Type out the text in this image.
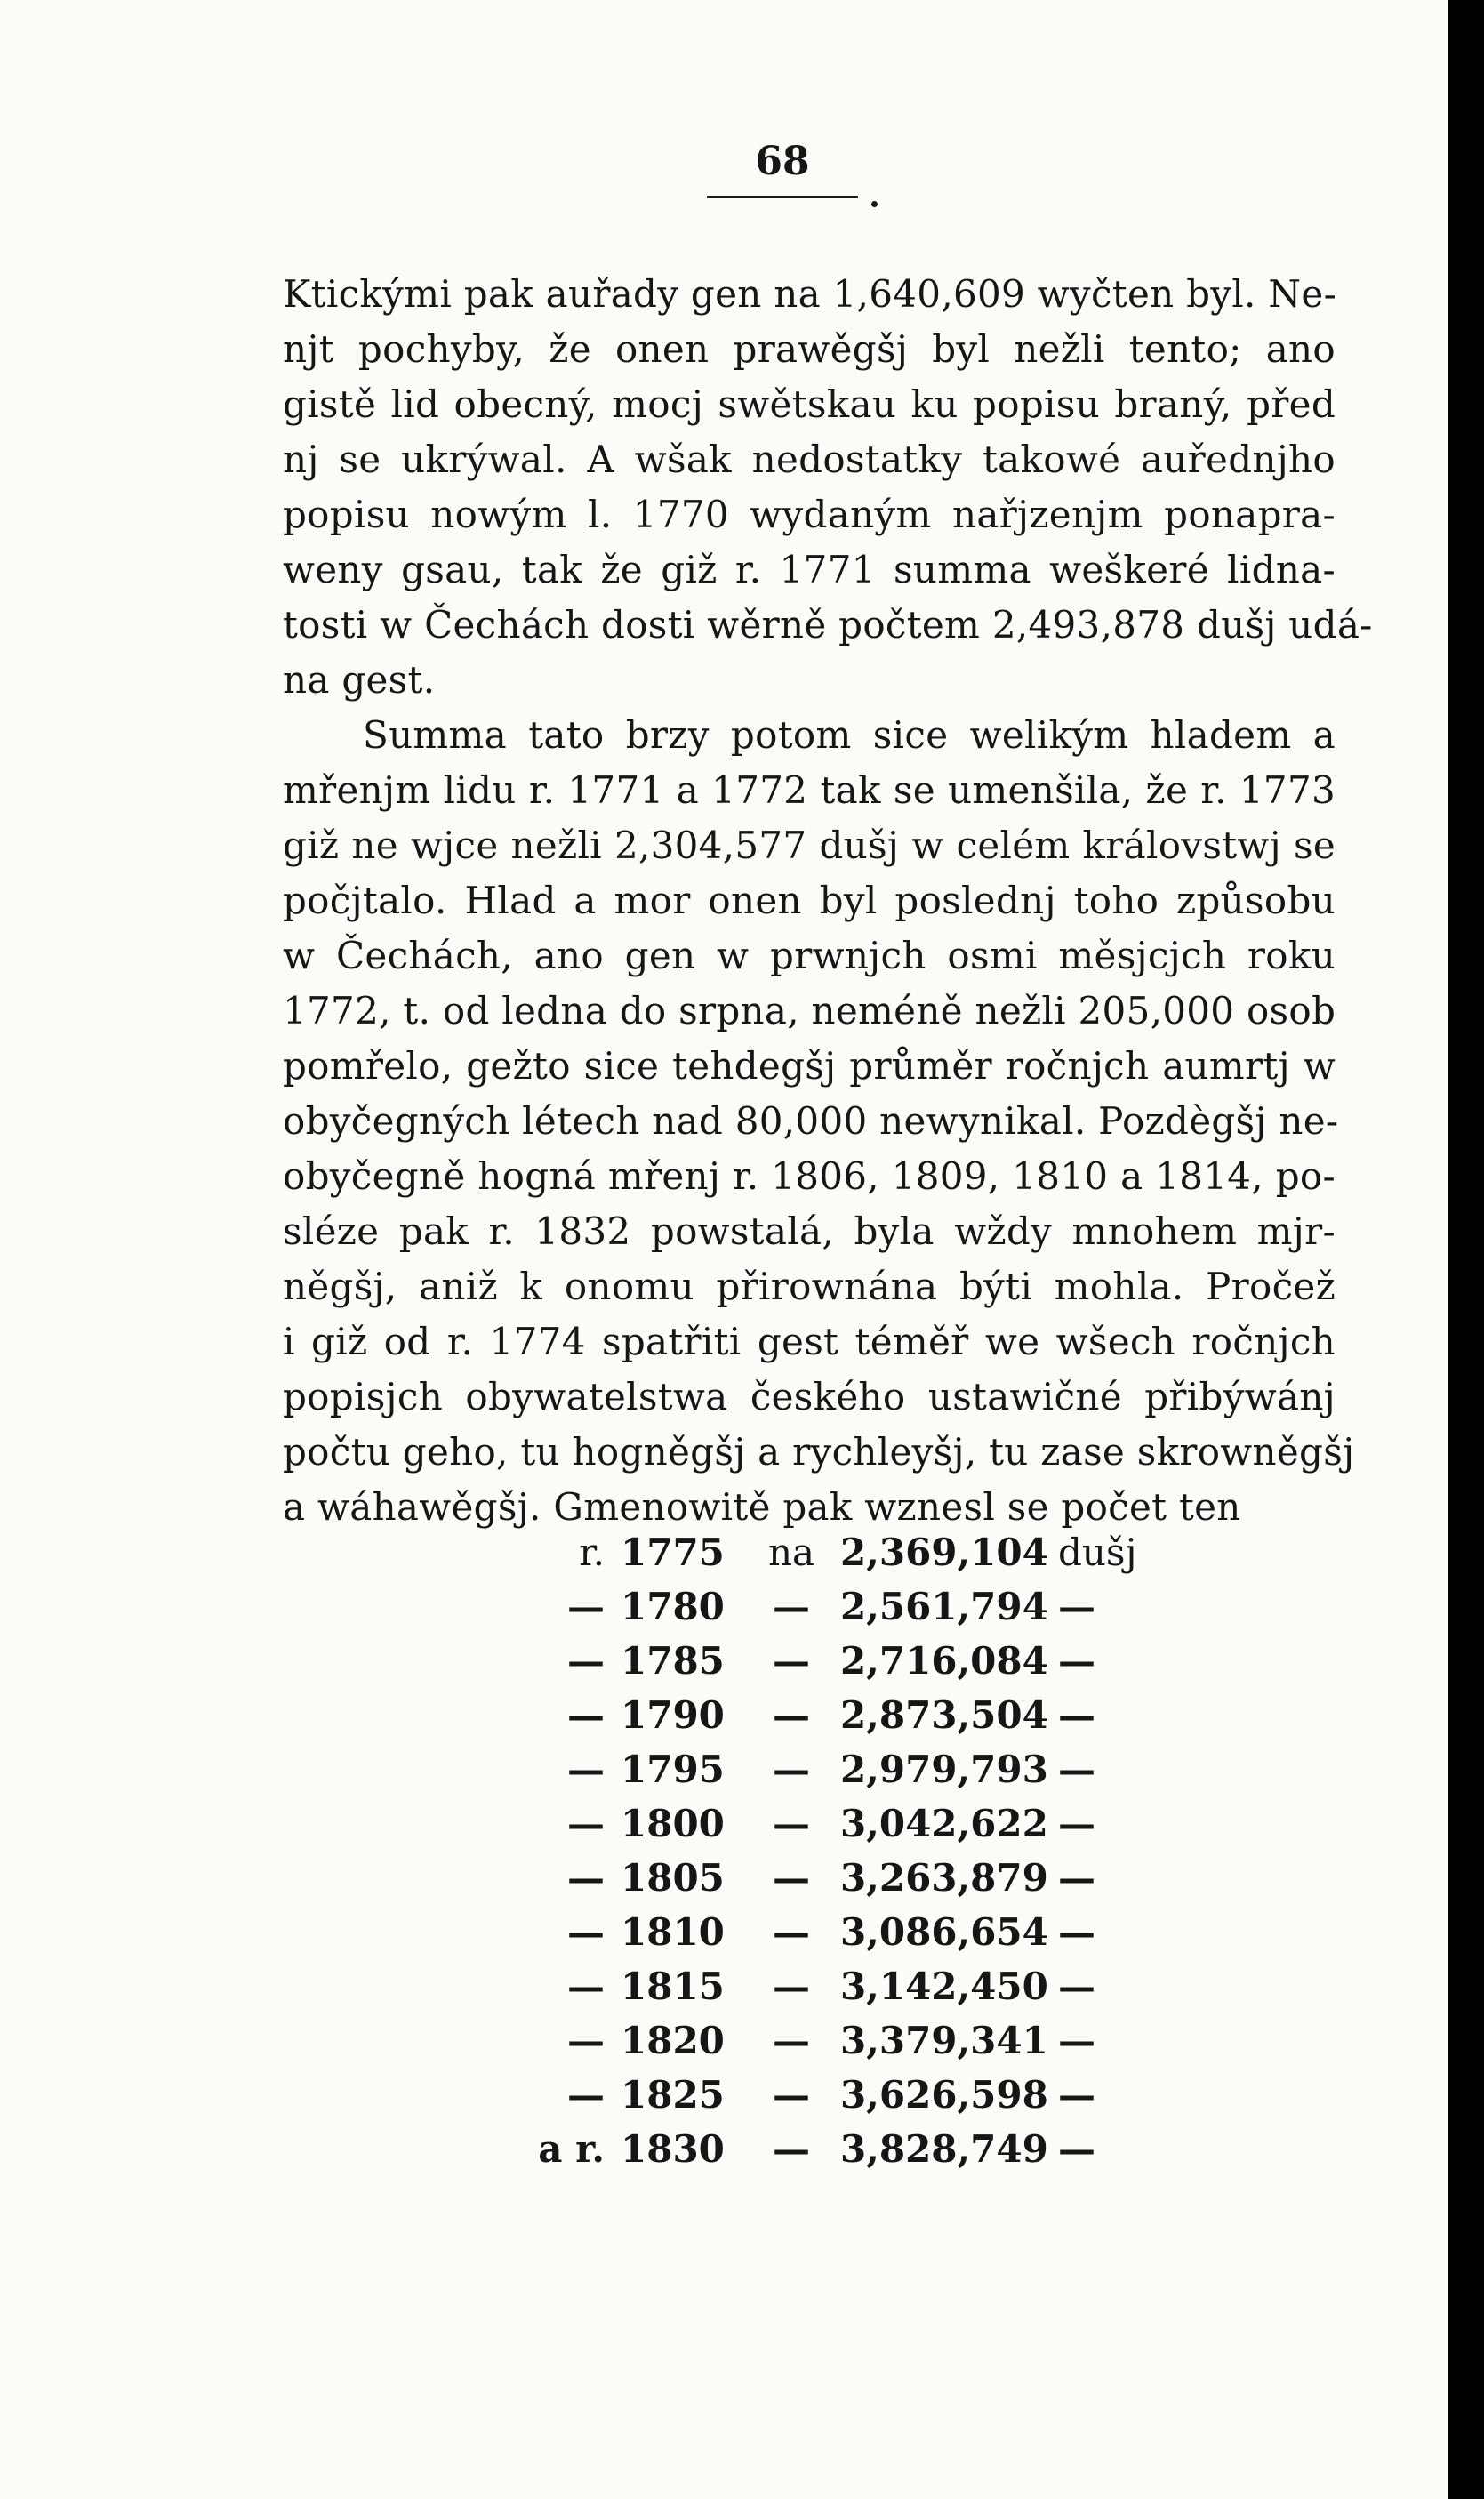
68
Ktickými pak auřady gen na 1,640,609 wyčten byl. Ne-
njt pochyby, že onen prawěgšj byl nežli tento; ano
gistě lid obecný, mocj swětskau ku popisu braný, před
nj se ukrýwal. A wšak nedostatky takowé auřednjho
popisu nowým l. 1770 wydaným nařjzenjm ponapra-
weny gsau, tak že giž r. 1771 summa weškeré lidna-
tosti w Čechách dosti wěrně počtem 2,493,878 dušj udá-
na gest.
Summa tato brzy potom sice welikým hladem a
mřenjm lidu r. 1771 a 1772 tak se umenšila, že r. 1773
giž ne wjce nežli 2,304,577 dušj w celém královstwj se
počjtalo. Hlad a mor onen byl poslednj toho způsobu
w Čechách, ano gen w prwnjch osmi měsjcjch roku
1772, t. od ledna do srpna, neméně nežli 205,000 osob
pomřelo, gežto sice tehdegšj průměr ročnjch aumrtj w
obyčegných létech nad 80,000 newynikal. Pozdègšj ne-
obyčegně hogná mřenj r. 1806, 1809, 1810 a 1814, po-
sléze pak r. 1832 powstalá, byla wždy mnohem mjr-
něgšj, aniž k onomu přirownána býti mohla. Pročež
i giž od r. 1774 spatřiti gest téměř we wšech ročnjch
popisjch obywatelstwa českého ustawičné přibýwánj
počtu geho, tu hogněgšj a rychleyšj, tu zase skrowněgšj
a wáhawěgšj. Gmenowitě pak wznesl se počet ten
r. 1775	na 2,369,104 dušj
— 1780	— 2,561,794 —
— 1785	— 2,716,084 —
— 1790	— 2,873,504 —
— 1795	— 2,979,793 —
— 1800	— 3,042,622 —
— 1805	— 3,263,879 —
— 1810	— 3,086,654 —
— 1815	— 3,142,450 —
— 1820	— 3,379,341 —
— 1825	— 3,626,598 —
a r. 1830	— 3,828,749 —
